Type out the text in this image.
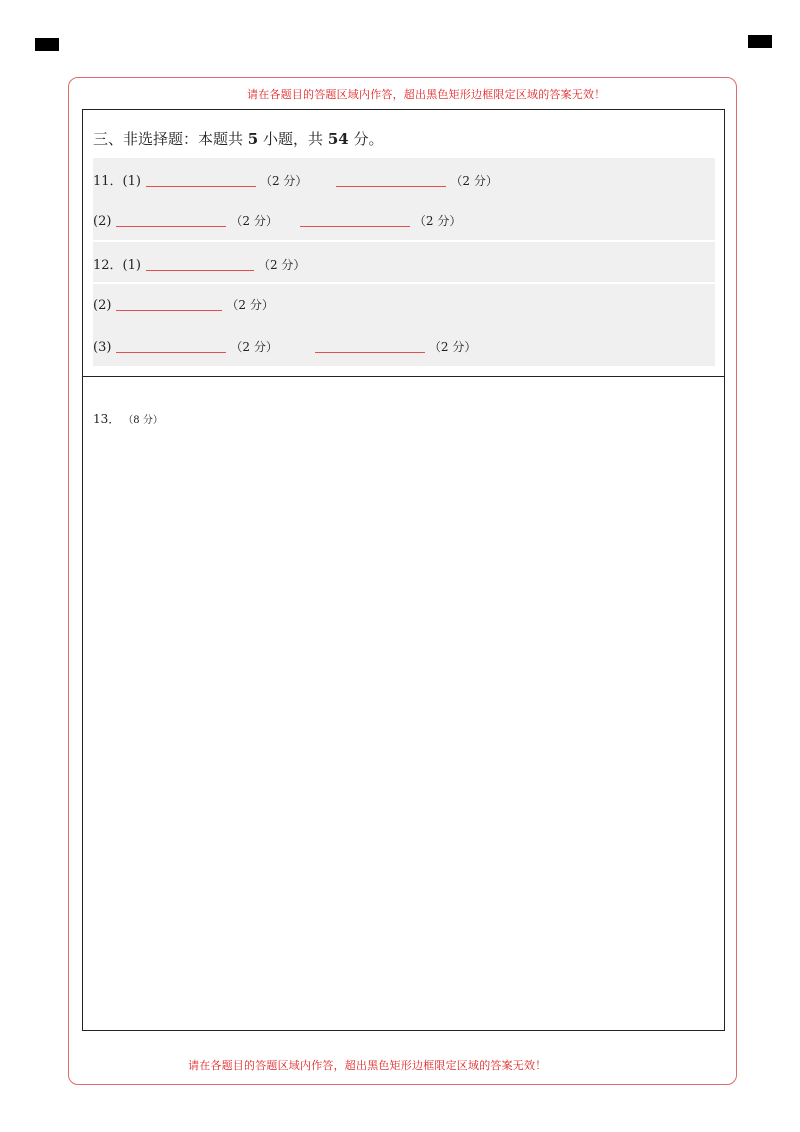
请在各题目的答题区域内作答，超出黑色矩形边框限定区域的答案无效！
三、非选择题：本题共 5 小题，共 54 分。
11．(1)	（2 分）	（2 分）
(2)	（2 分）	（2 分）
12．(1)	（2 分）
(2)	（2 分）
(3)	（2 分）	（2 分）
13． （8 分）
请在各题目的答题区域内作答，超出黑色矩形边框限定区域的答案无效！
